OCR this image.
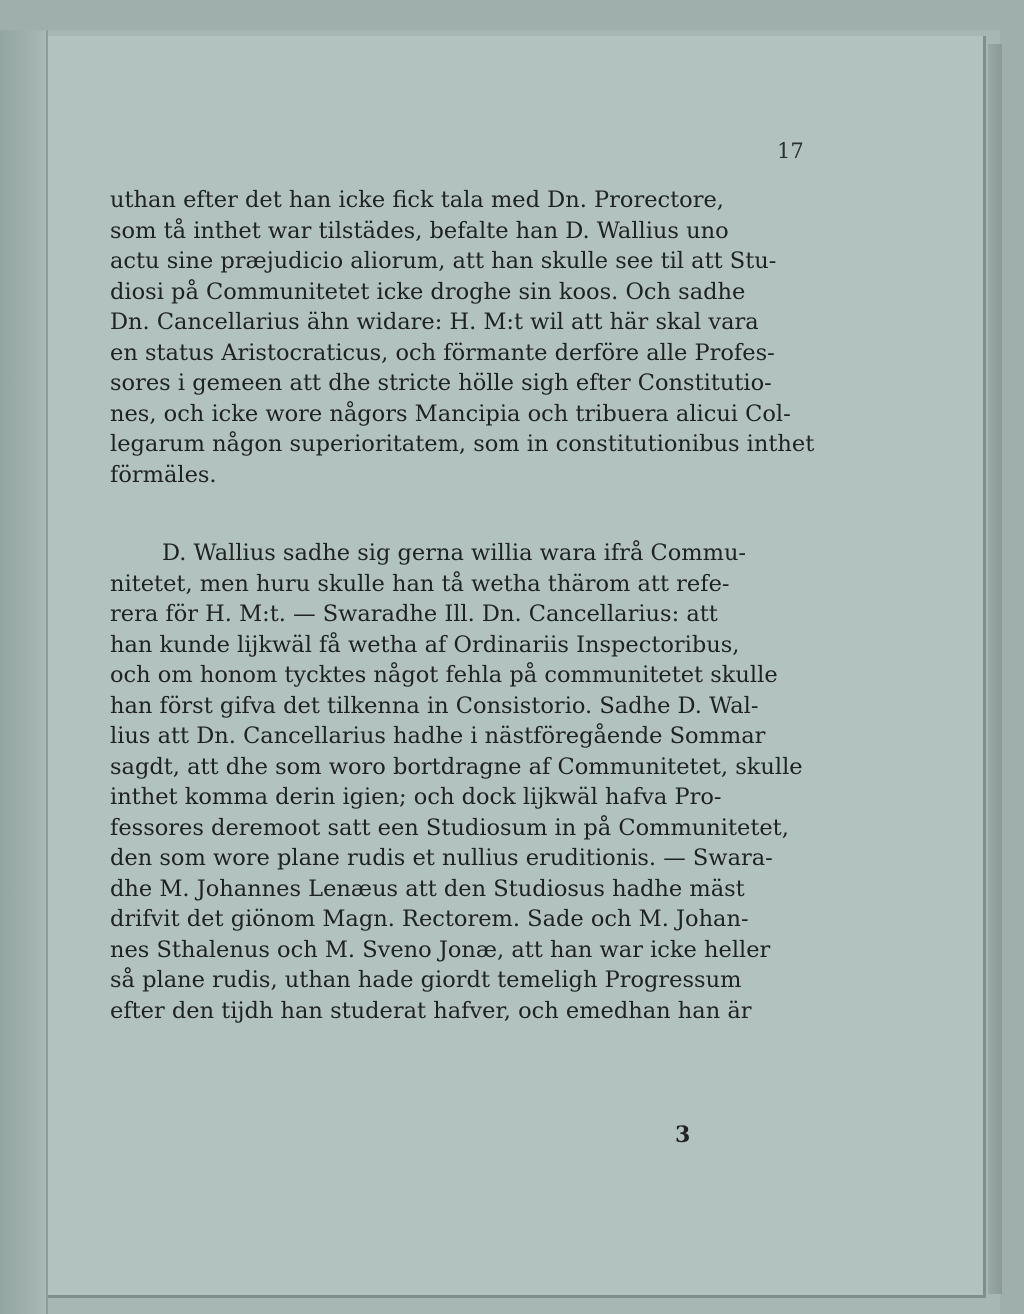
17
uthan efter det han icke fick tala med Dn. Prorectore,
som tå inthet war tilstädes, befalte han D. Wallius uno
actu sine præjudicio aliorum, att han skulle see til att Stu-
diosi på Communitetet icke droghe sin koos. Och sadhe
Dn. Cancellarius ähn widare: H. M:t wil att här skal vara
en status Aristocraticus, och förmante derföre alle Profes-
sores i gemeen att dhe stricte hölle sigh efter Constitutio-
nes, och icke wore någors Mancipia och tribuera alicui Col-
legarum någon superioritatem, som in constitutionibus inthet
förmäles.
D. Wallius sadhe sig gerna willia wara ifrå Commu-
nitetet, men huru skulle han tå wetha thärom att refe-
rera för H. M:t. — Swaradhe Ill. Dn. Cancellarius: att
han kunde lijkwäl få wetha af Ordinariis Inspectoribus,
och om honom tycktes något fehla på communitetet skulle
han först gifva det tilkenna in Consistorio. Sadhe D. Wal-
lius att Dn. Cancellarius hadhe i nästföregående Sommar
sagdt, att dhe som woro bortdragne af Communitetet, skulle
inthet komma derin igien; och dock lijkwäl hafva Pro-
fessores deremoot satt een Studiosum in på Communitetet,
den som wore plane rudis et nullius eruditionis. — Swara-
dhe M. Johannes Lenæus att den Studiosus hadhe mäst
drifvit det giönom Magn. Rectorem. Sade och M. Johan-
nes Sthalenus och M. Sveno Jonæ, att han war icke heller
så plane rudis, uthan hade giordt temeligh Progressum
efter den tijdh han studerat hafver, och emedhan han är
3
